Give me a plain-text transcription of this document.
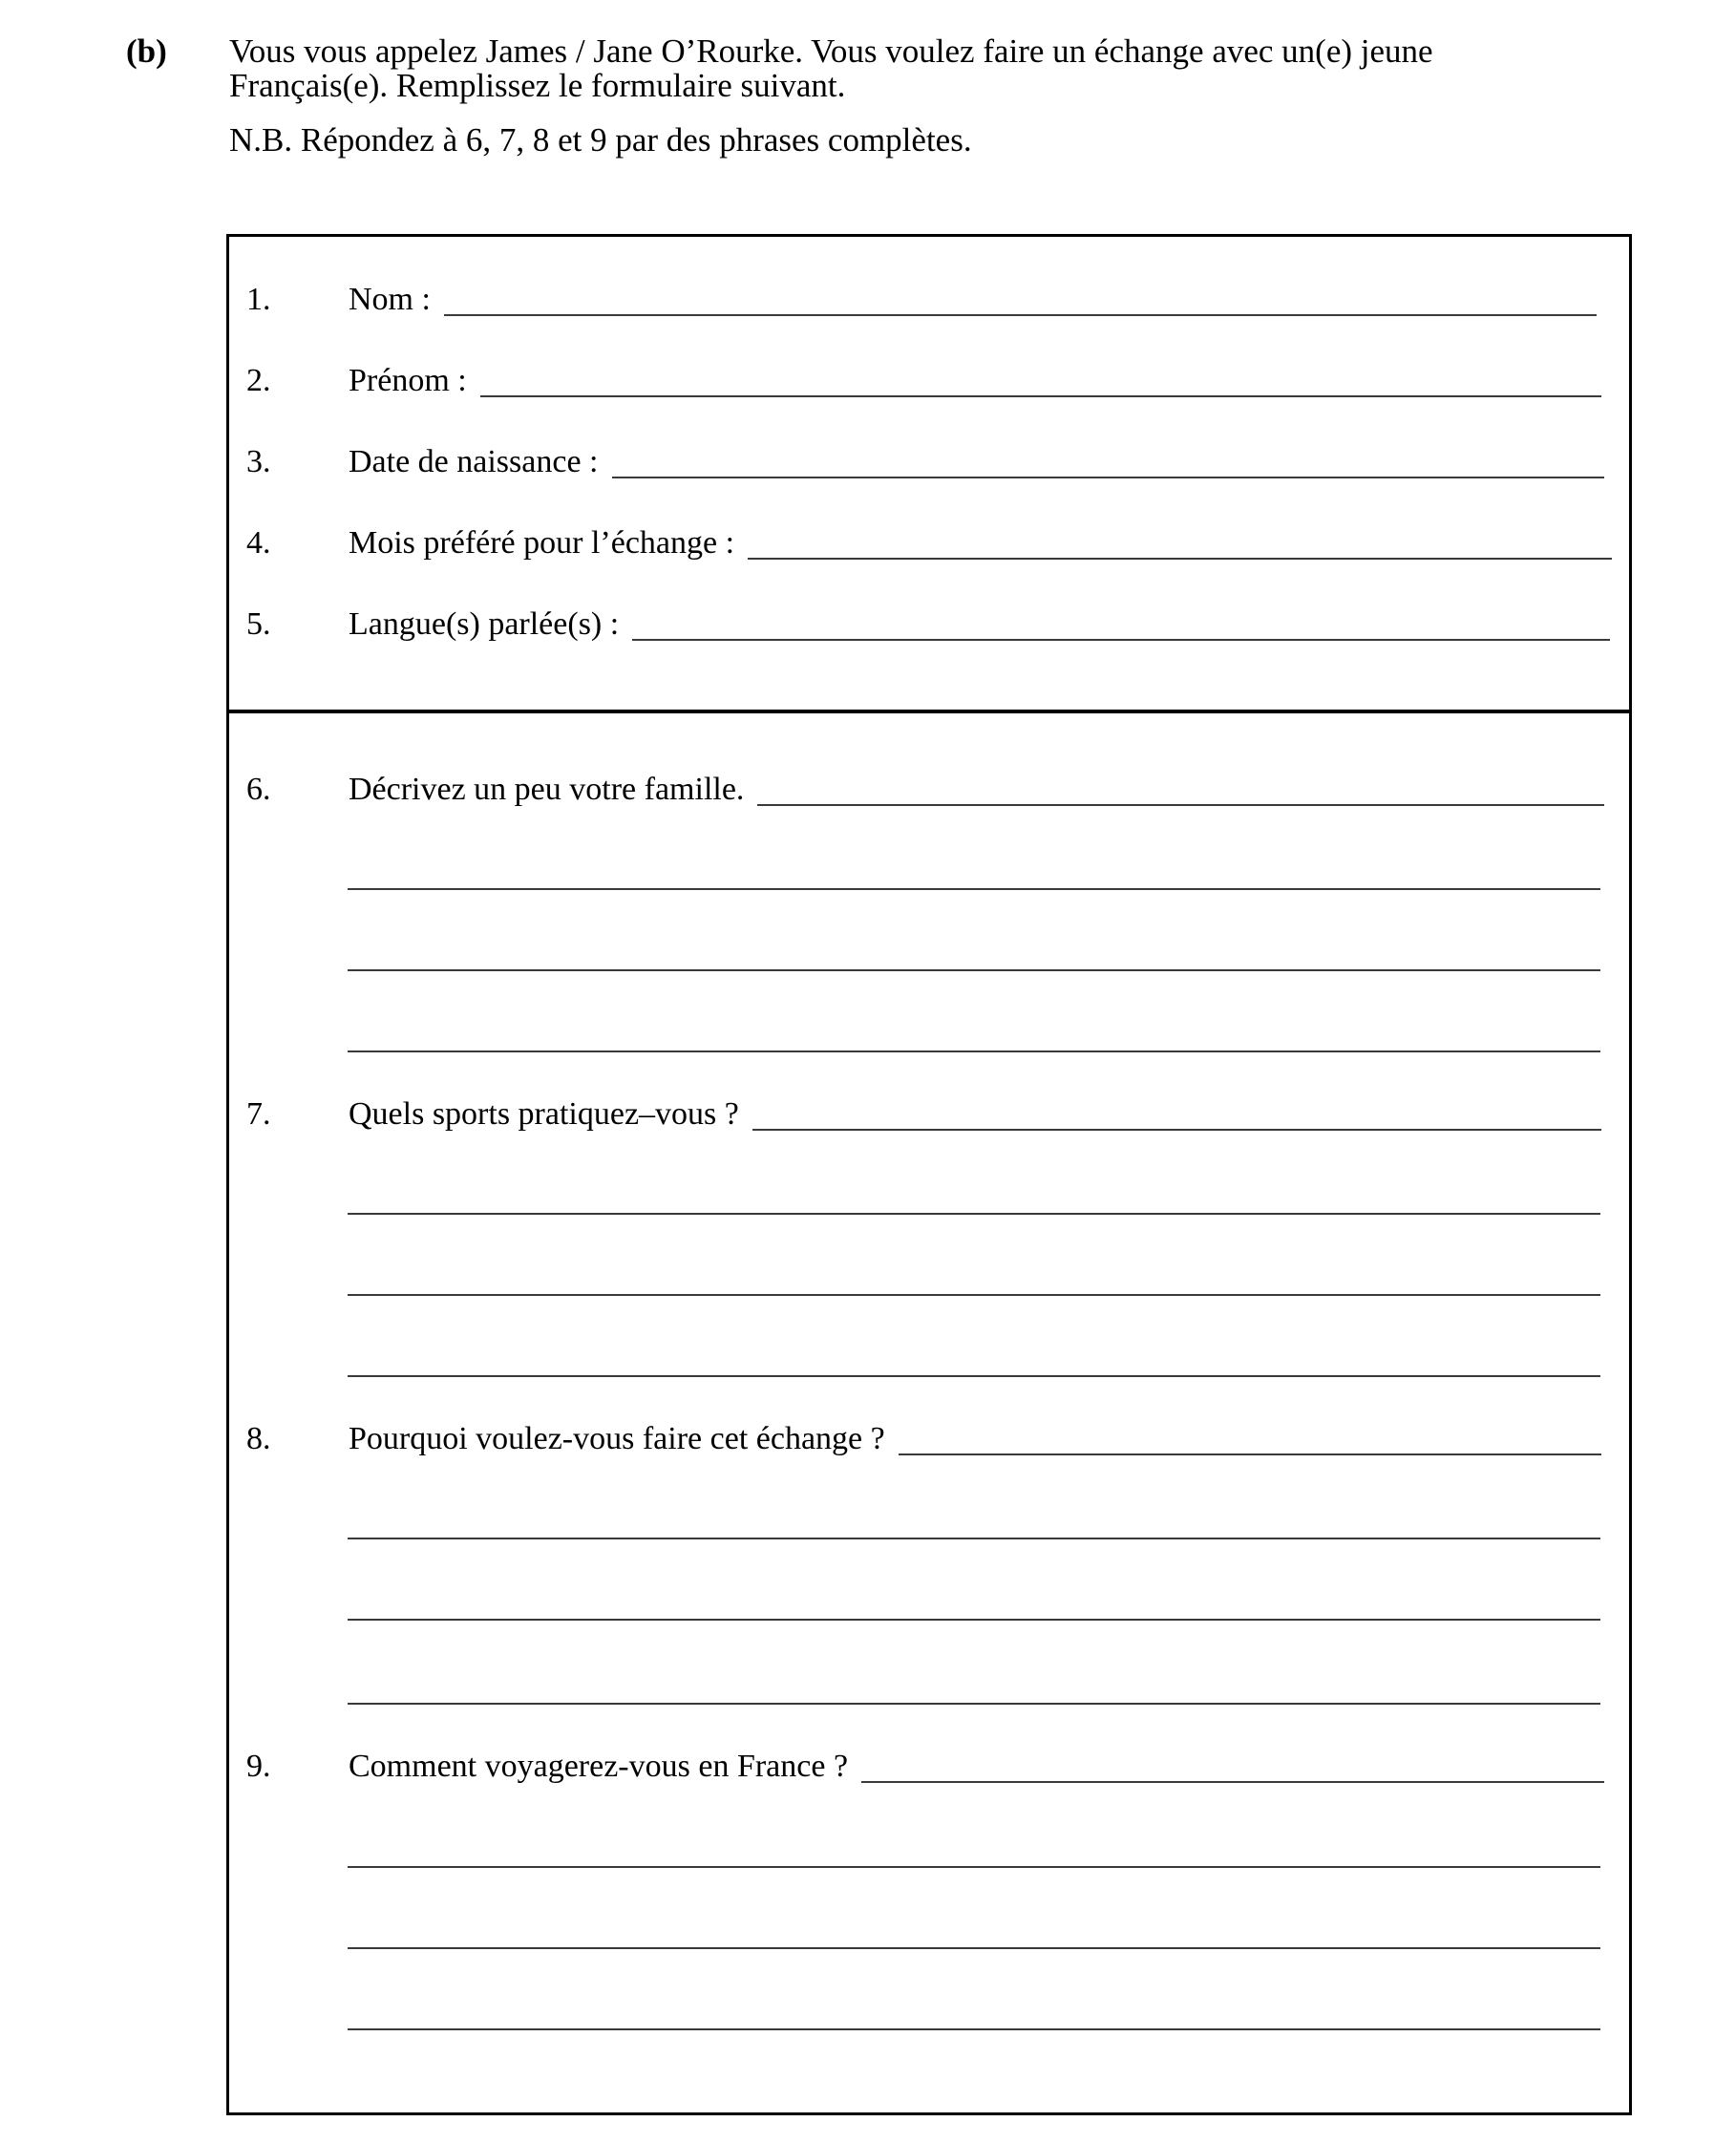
(b) Vous vous appelez James / Jane O’Rourke. Vous voulez faire un échange avec un(e) jeune
Français(e). Remplissez le formulaire suivant.
N.B. Répondez à 6, 7, 8 et 9 par des phrases complètes.
1. Nom :
2. Prénom :
3. Date de naissance :
4. Mois préféré pour l’échange :
5. Langue(s) parlée(s) :
6. Décrivez un peu votre famille.
7. Quels sports pratiquez–vous ?
8. Pourquoi voulez-vous faire cet échange ?
9. Comment voyagerez-vous en France ?
